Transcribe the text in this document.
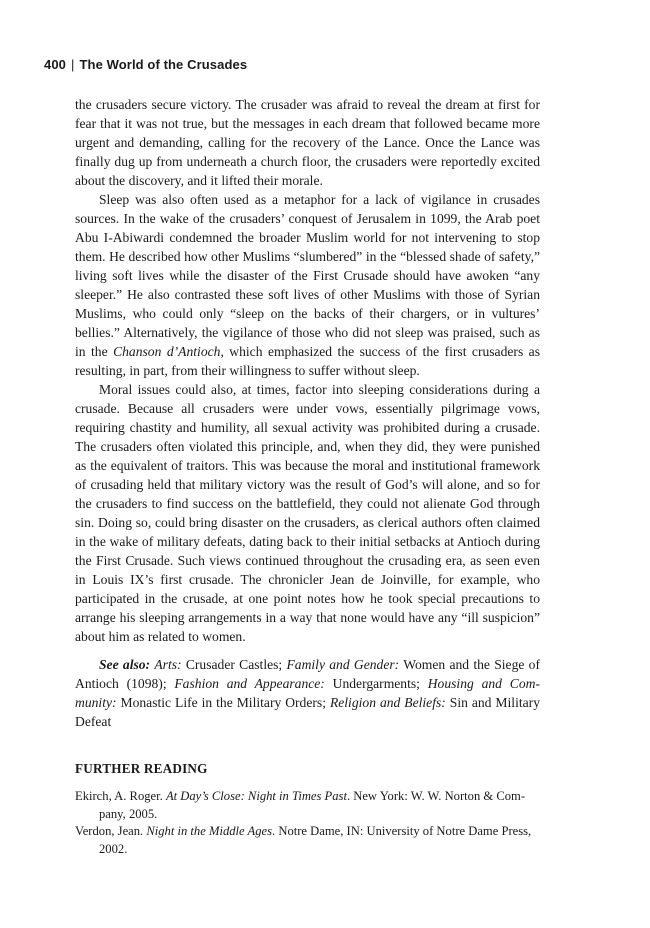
400 | The World of the Crusades

the crusaders secure victory. The crusader was afraid to reveal the dream at first for fear that it was not true, but the messages in each dream that followed became more urgent and demanding, calling for the recovery of the Lance. Once the Lance was finally dug up from underneath a church floor, the crusaders were reportedly excited about the discovery, and it lifted their morale.

Sleep was also often used as a metaphor for a lack of vigilance in crusades sources. In the wake of the crusaders’ conquest of Jerusalem in 1099, the Arab poet Abu I-Abiwardi condemned the broader Muslim world for not intervening to stop them. He described how other Muslims “slumbered” in the “blessed shade of safety,” living soft lives while the disaster of the First Crusade should have awoken “any sleeper.” He also contrasted these soft lives of other Muslims with those of Syrian Muslims, who could only “sleep on the backs of their chargers, or in vultures’ bellies.” Alternatively, the vigilance of those who did not sleep was praised, such as in the Chanson d’Antioch, which emphasized the success of the first crusaders as resulting, in part, from their willingness to suffer without sleep.

Moral issues could also, at times, factor into sleeping considerations during a crusade. Because all crusaders were under vows, essentially pilgrimage vows, requiring chastity and humility, all sexual activity was prohibited during a crusade. The crusaders often violated this principle, and, when they did, they were punished as the equivalent of traitors. This was because the moral and institutional framework of crusading held that military victory was the result of God’s will alone, and so for the crusaders to find success on the battlefield, they could not alienate God through sin. Doing so, could bring disaster on the crusaders, as clerical authors often claimed in the wake of military defeats, dating back to their initial setbacks at Antioch during the First Crusade. Such views continued throughout the crusading era, as seen even in Louis IX’s first crusade. The chronicler Jean de Joinville, for example, who participated in the crusade, at one point notes how he took special precautions to arrange his sleeping arrangements in a way that none would have any “ill suspicion” about him as related to women.

See also: Arts: Crusader Castles; Family and Gender: Women and the Siege of Antioch (1098); Fashion and Appearance: Undergarments; Housing and Community: Monastic Life in the Military Orders; Religion and Beliefs: Sin and Military Defeat

FURTHER READING

Ekirch, A. Roger. At Day’s Close: Night in Times Past. New York: W. W. Norton & Company, 2005.

Verdon, Jean. Night in the Middle Ages. Notre Dame, IN: University of Notre Dame Press, 2002.
